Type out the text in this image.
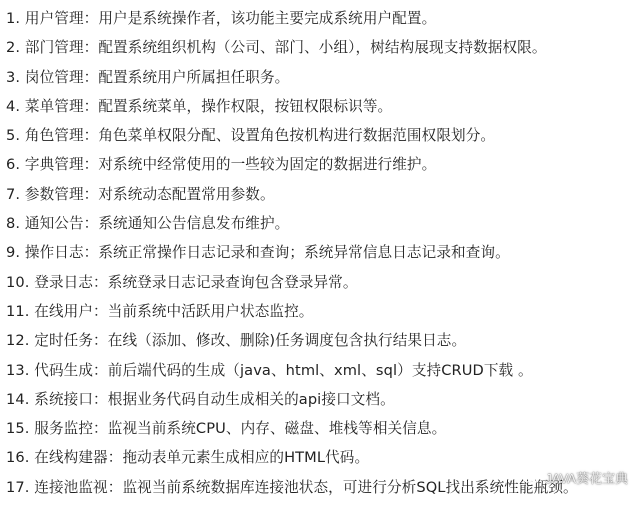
1. 用户管理：用户是系统操作者，该功能主要完成系统用户配置。
2. 部门管理：配置系统组织机构（公司、部门、小组），树结构展现支持数据权限。
3. 岗位管理：配置系统用户所属担任职务。
4. 菜单管理：配置系统菜单，操作权限，按钮权限标识等。
5. 角色管理：角色菜单权限分配、设置角色按机构进行数据范围权限划分。
6. 字典管理：对系统中经常使用的一些较为固定的数据进行维护。
7. 参数管理：对系统动态配置常用参数。
8. 通知公告：系统通知公告信息发布维护。
9. 操作日志：系统正常操作日志记录和查询；系统异常信息日志记录和查询。
10. 登录日志：系统登录日志记录查询包含登录异常。
11. 在线用户：当前系统中活跃用户状态监控。
12. 定时任务：在线（添加、修改、删除)任务调度包含执行结果日志。
13. 代码生成：前后端代码的生成（java、html、xml、sql）支持CRUD下载 。
14. 系统接口：根据业务代码自动生成相关的api接口文档。
15. 服务监控：监视当前系统CPU、内存、磁盘、堆栈等相关信息。
16. 在线构建器：拖动表单元素生成相应的HTML代码。
17. 连接池监视：监视当前系统数据库连接池状态，可进行分析SQL找出系统性能瓶颈。
JAVA葵花宝典
